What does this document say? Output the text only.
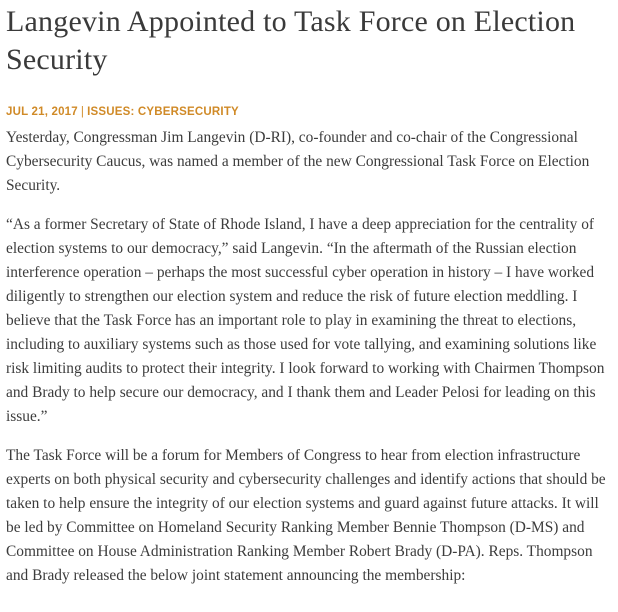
Langevin Appointed to Task Force on Election Security
JUL 21, 2017 | ISSUES: CYBERSECURITY

Yesterday, Congressman Jim Langevin (D-RI), co-founder and co-chair of the Congressional Cybersecurity Caucus, was named a member of the new Congressional Task Force on Election Security.

“As a former Secretary of State of Rhode Island, I have a deep appreciation for the centrality of election systems to our democracy,” said Langevin. “In the aftermath of the Russian election interference operation – perhaps the most successful cyber operation in history – I have worked diligently to strengthen our election system and reduce the risk of future election meddling. I believe that the Task Force has an important role to play in examining the threat to elections, including to auxiliary systems such as those used for vote tallying, and examining solutions like risk limiting audits to protect their integrity. I look forward to working with Chairmen Thompson and Brady to help secure our democracy, and I thank them and Leader Pelosi for leading on this issue.”

The Task Force will be a forum for Members of Congress to hear from election infrastructure experts on both physical security and cybersecurity challenges and identify actions that should be taken to help ensure the integrity of our election systems and guard against future attacks. It will be led by Committee on Homeland Security Ranking Member Bennie Thompson (D-MS) and Committee on House Administration Ranking Member Robert Brady (D-PA). Reps. Thompson and Brady released the below joint statement announcing the membership:
